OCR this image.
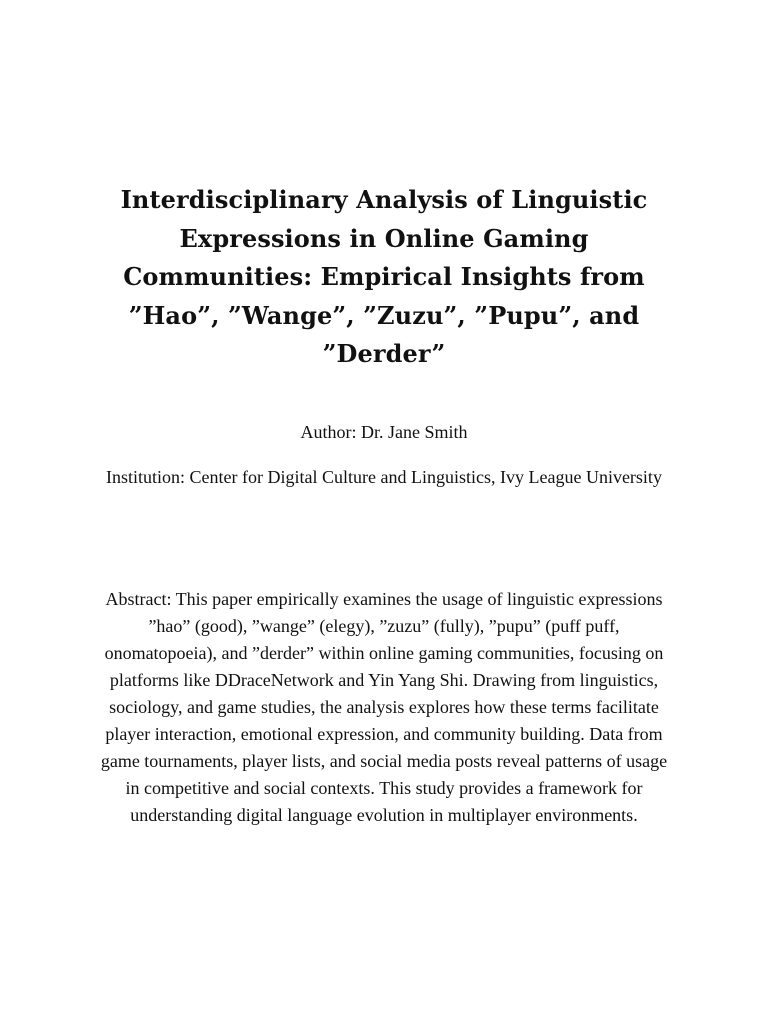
Interdisciplinary Analysis of Linguistic Expressions in Online Gaming Communities: Empirical Insights from ”Hao”, ”Wange”, ”Zuzu”, ”Pupu”, and ”Derder”

Author: Dr. Jane Smith

Institution: Center for Digital Culture and Linguistics, Ivy League University

Abstract: This paper empirically examines the usage of linguistic expressions ”hao” (good), ”wange” (elegy), ”zuzu” (fully), ”pupu” (puff puff, onomatopoeia), and ”derder” within online gaming communities, focusing on platforms like DDraceNetwork and Yin Yang Shi. Drawing from linguistics, sociology, and game studies, the analysis explores how these terms facilitate player interaction, emotional expression, and community building. Data from game tournaments, player lists, and social media posts reveal patterns of usage in competitive and social contexts. This study provides a framework for understanding digital language evolution in multiplayer environments.
